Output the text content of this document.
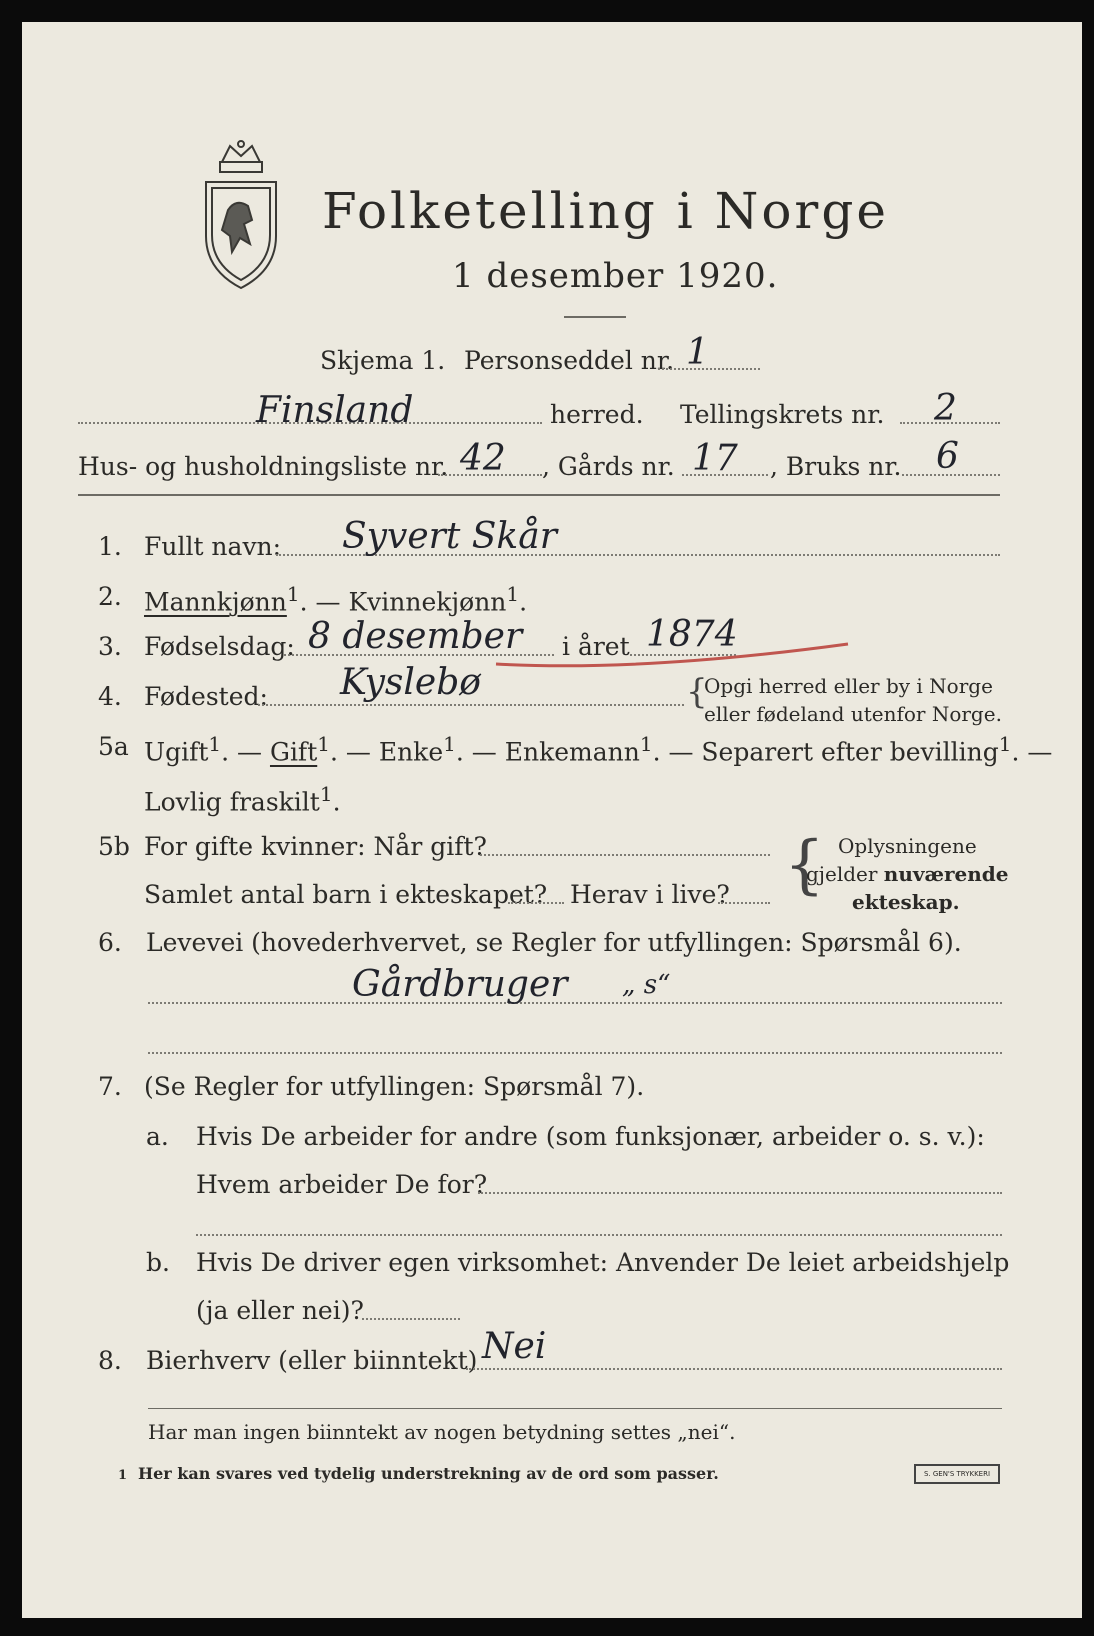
Folketelling i Norge
1 desember 1920.
Skjema 1. Personseddel nr. 1
Finsland	herred. Tellingskrets nr. 2
Hus- og husholdningsliste nr. 42 , Gårds nr. 17 , Bruks nr. 6
1. Fullt navn: Syvert Skår
2. Mannkjønn$^1$. — Kvinnekjønn$^1$.
3. Fødselsdag: 8 desember i året 1874
4. Fødested: Kyslebø	{
Opgi herred eller by i Norge
eller fødeland utenfor Norge.
5a Ugift$^1$. — Gift$^1$. — Enke$^1$. — Enkemann$^1$. — Separert efter bevilling$^1$. —
Lovlig fraskilt$^1$.
5b For gifte kvinner: Når gift?
Samlet antal barn i ekteskapet? Herav i live? { Oplysningene
gjelder nuværende
ekteskap.
6. Levevei (hovederhvervet, se Regler for utfyllingen: Spørsmål 6).
Gårdbruger „ s“
7. (Se Regler for utfyllingen: Spørsmål 7).
a. Hvis De arbeider for andre (som funksjonær, arbeider o. s. v.):
Hvem arbeider De for?
b. Hvis De driver egen virksomhet: Anvender De leiet arbeidshjelp
(ja eller nei)?
8. Bierhverv (eller biinntekt) Nei
Har man ingen biinntekt av nogen betydning settes „nei“.
1 Her kan svares ved tydelig understrekning av de ord som passer.	S. GEN'S TRYKKERI
